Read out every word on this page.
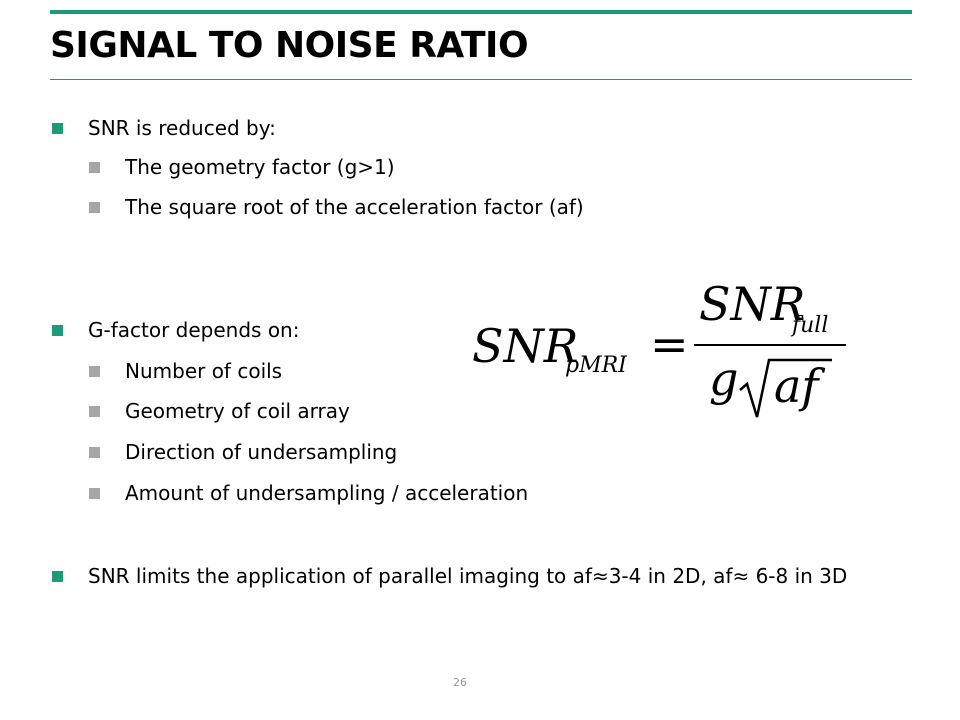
SIGNAL TO NOISE RATIO
SNR is reduced by:
The geometry factor (g>1)
The square root of the acceleration factor (af)
G-factor depends on:
Number of coils
Geometry of coil array
Direction of undersampling
Amount of undersampling / acceleration
SNR limits the application of parallel imaging to af≈3-4 in 2D, af≈ 6-8 in 3D
SNR
pMRI =
SNR
full
g af
26
